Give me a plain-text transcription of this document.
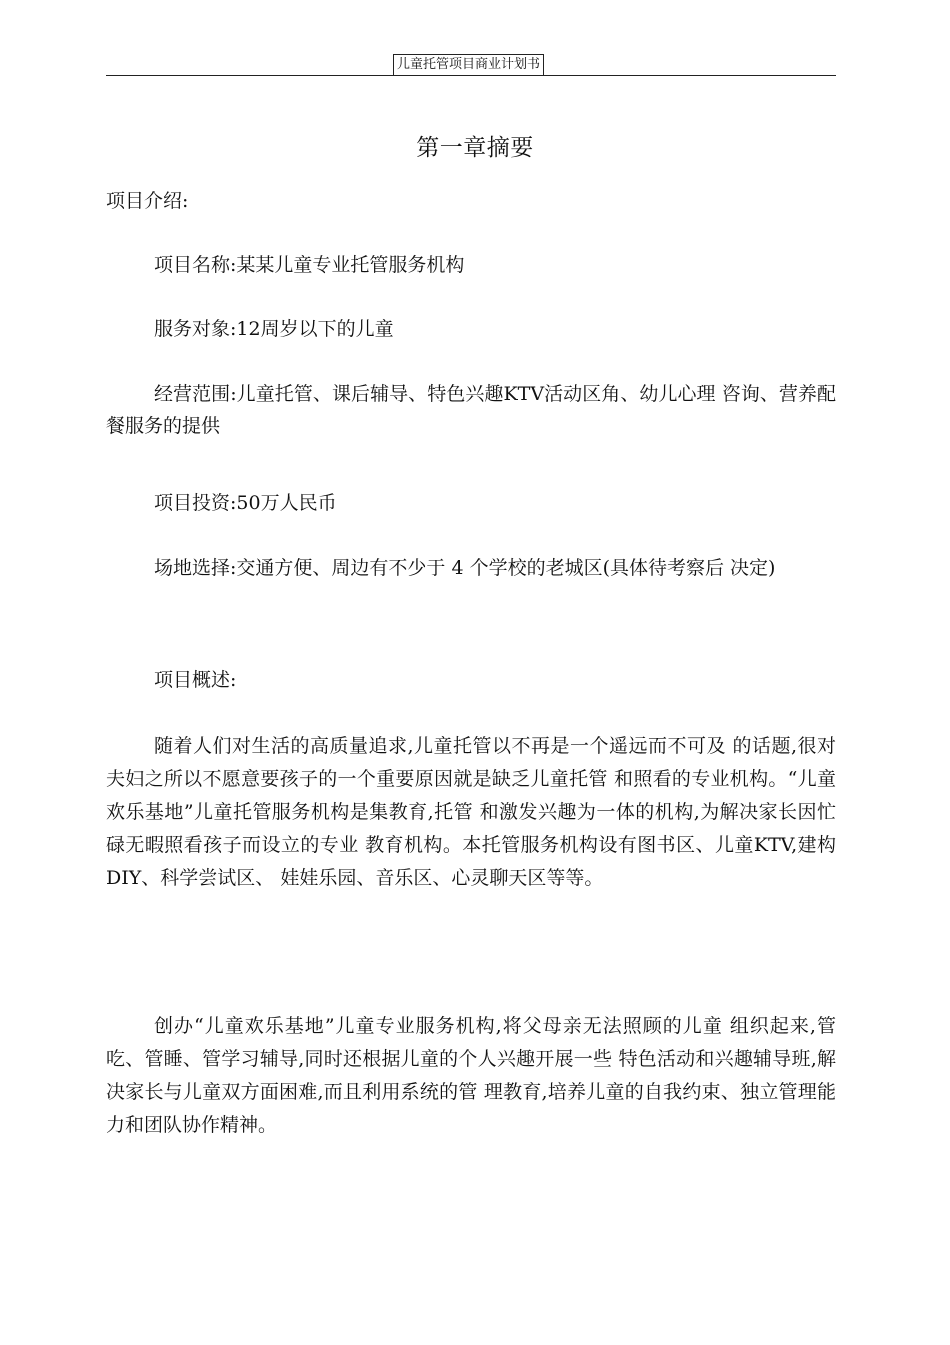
儿童托管项目商业计划书
第一章摘要

项目介绍:

项目名称:某某儿童专业托管服务机构

服务对象:12周岁以下的儿童

经营范围:儿童托管、课后辅导、特色兴趣KTV活动区角、幼儿心理 咨询、营养配餐服务的提供

项目投资:50万人民币

场地选择:交通方便、周边有不少于 4 个学校的老城区(具体待考察后 决定)

项目概述:

随着人们对生活的高质量追求,儿童托管以不再是一个遥远而不可及 的话题,很对夫妇之所以不愿意要孩子的一个重要原因就是缺乏儿童托管 和照看的专业机构。“儿童欢乐基地”儿童托管服务机构是集教育,托管 和激发兴趣为一体的机构,为解决家长因忙碌无暇照看孩子而设立的专业 教育机构。本托管服务机构设有图书区、儿童KTV,建构DIY、科学尝试区、 娃娃乐园、音乐区、心灵聊天区等等。

创办“儿童欢乐基地”儿童专业服务机构,将父母亲无法照顾的儿童 组织起来,管吃、管睡、管学习辅导,同时还根据儿童的个人兴趣开展一些 特色活动和兴趣辅导班,解决家长与儿童双方面困难,而且利用系统的管 理教育,培养儿童的自我约束、独立管理能力和团队协作精神。
